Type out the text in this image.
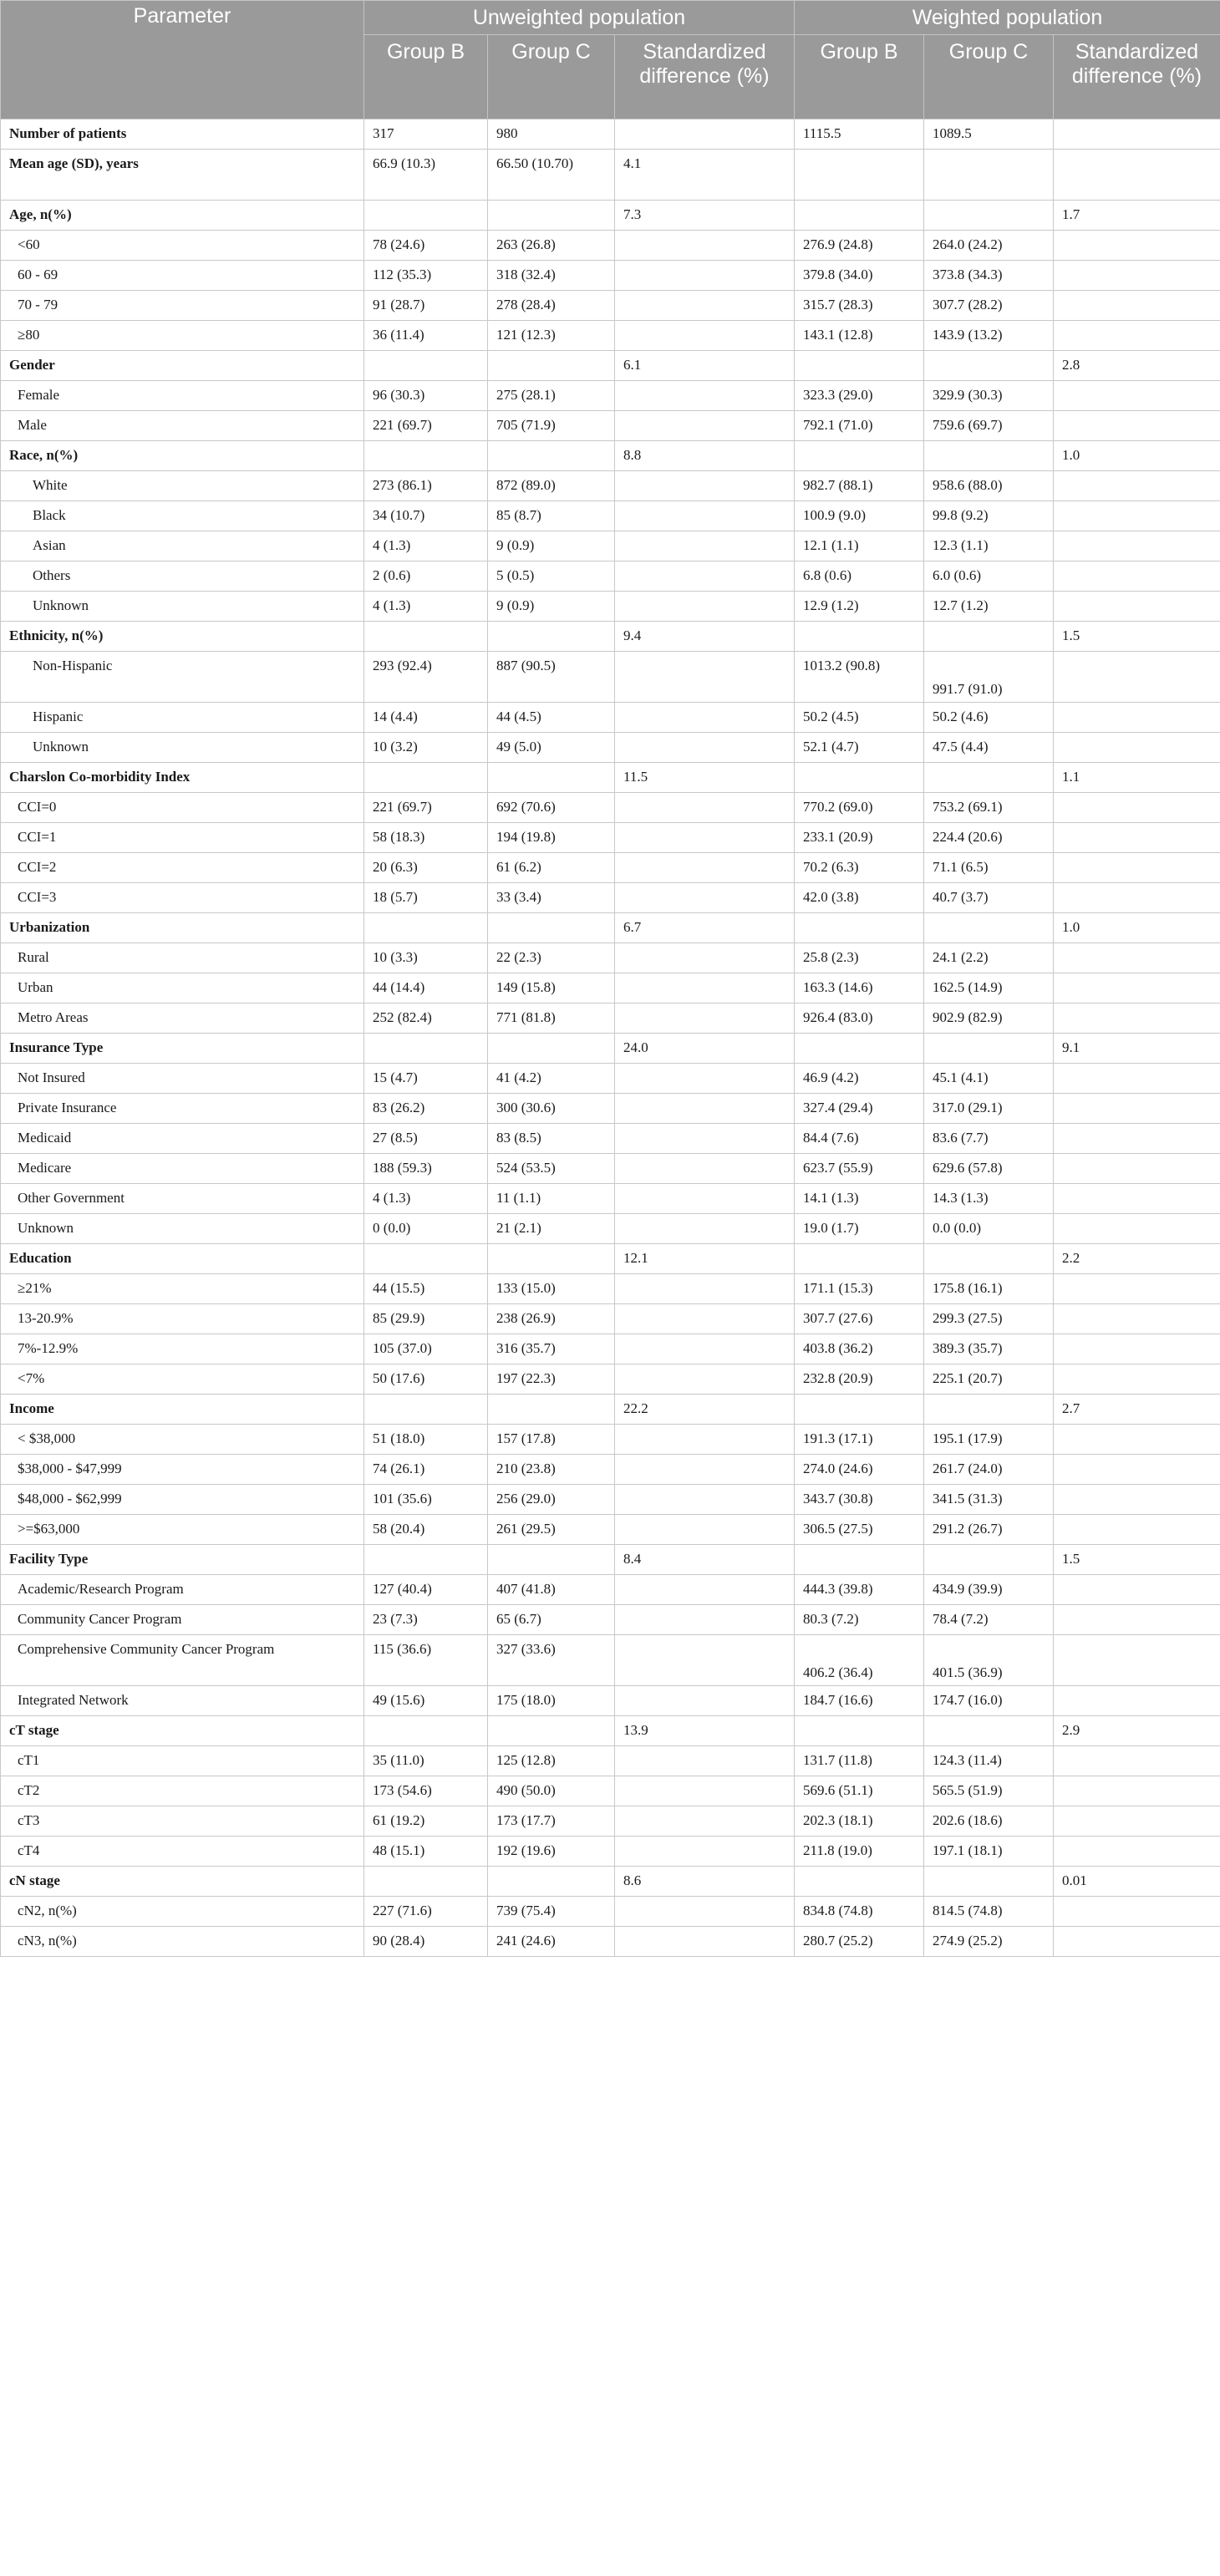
Parameter	Unweighted population			Weighted population		
	Group B	Group C	Standardized difference (%)	Group B	Group C	Standardized difference (%)
Number of patients	317	980		1115.5	1089.5	
Mean age (SD), years	66.9 (10.3)	66.50 (10.70)	4.1			
Age, n(%)			7.3			1.7
<60	78 (24.6)	263 (26.8)		276.9 (24.8)	264.0 (24.2)	
60 - 69	112 (35.3)	318 (32.4)		379.8 (34.0)	373.8 (34.3)	
70 - 79	91 (28.7)	278 (28.4)		315.7 (28.3)	307.7 (28.2)	
≥80	36 (11.4)	121 (12.3)		143.1 (12.8)	143.9 (13.2)	
Gender			6.1			2.8
Female	96 (30.3)	275 (28.1)		323.3 (29.0)	329.9 (30.3)	
Male	221 (69.7)	705 (71.9)		792.1 (71.0)	759.6 (69.7)	
Race, n(%)			8.8			1.0
White	273 (86.1)	872 (89.0)		982.7 (88.1)	958.6 (88.0)	
Black	34 (10.7)	85 (8.7)		100.9 (9.0)	99.8 (9.2)	
Asian	4 (1.3)	9 (0.9)		12.1 (1.1)	12.3 (1.1)	
Others	2 (0.6)	5 (0.5)		6.8 (0.6)	6.0 (0.6)	
Unknown	4 (1.3)	9 (0.9)		12.9 (1.2)	12.7 (1.2)	
Ethnicity, n(%)			9.4			1.5
Non-Hispanic	293 (92.4)	887 (90.5)		1013.2 (90.8)	991.7 (91.0)	
Hispanic	14 (4.4)	44 (4.5)		50.2 (4.5)	50.2 (4.6)	
Unknown	10 (3.2)	49 (5.0)		52.1 (4.7)	47.5 (4.4)	
Charslon Co-morbidity Index			11.5			1.1
CCI=0	221 (69.7)	692 (70.6)		770.2 (69.0)	753.2 (69.1)	
CCI=1	58 (18.3)	194 (19.8)		233.1 (20.9)	224.4 (20.6)	
CCI=2	20 (6.3)	61 (6.2)		70.2 (6.3)	71.1 (6.5)	
CCI=3	18 (5.7)	33 (3.4)		42.0 (3.8)	40.7 (3.7)	
Urbanization			6.7			1.0
Rural	10 (3.3)	22 (2.3)		25.8 (2.3)	24.1 (2.2)	
Urban	44 (14.4)	149 (15.8)		163.3 (14.6)	162.5 (14.9)	
Metro Areas	252 (82.4)	771 (81.8)		926.4 (83.0)	902.9 (82.9)	
Insurance Type			24.0			9.1
Not Insured	15 (4.7)	41 (4.2)		46.9 (4.2)	45.1 (4.1)	
Private Insurance	83 (26.2)	300 (30.6)		327.4 (29.4)	317.0 (29.1)	
Medicaid	27 (8.5)	83 (8.5)		84.4 (7.6)	83.6 (7.7)	
Medicare	188 (59.3)	524 (53.5)		623.7 (55.9)	629.6 (57.8)	
Other Government	4 (1.3)	11 (1.1)		14.1 (1.3)	14.3 (1.3)	
Unknown	0 (0.0)	21 (2.1)		19.0 (1.7)	0.0 (0.0)	
Education			12.1			2.2
≥21%	44 (15.5)	133 (15.0)		171.1 (15.3)	175.8 (16.1)	
13-20.9%	85 (29.9)	238 (26.9)		307.7 (27.6)	299.3 (27.5)	
7%-12.9%	105 (37.0)	316 (35.7)		403.8 (36.2)	389.3 (35.7)	
<7%	50 (17.6)	197 (22.3)		232.8 (20.9)	225.1 (20.7)	
Income			22.2			2.7
< $38,000	51 (18.0)	157 (17.8)		191.3 (17.1)	195.1 (17.9)	
$38,000 - $47,999	74 (26.1)	210 (23.8)		274.0 (24.6)	261.7 (24.0)	
$48,000 - $62,999	101 (35.6)	256 (29.0)		343.7 (30.8)	341.5 (31.3)	
>=$63,000	58 (20.4)	261 (29.5)		306.5 (27.5)	291.2 (26.7)	
Facility Type			8.4			1.5
Academic/Research Program	127 (40.4)	407 (41.8)		444.3 (39.8)	434.9 (39.9)	
Community Cancer Program	23 (7.3)	65 (6.7)		80.3 (7.2)	78.4 (7.2)	
Comprehensive Community Cancer Program	115 (36.6)	327 (33.6)		406.2 (36.4)	401.5 (36.9)	
Integrated Network	49 (15.6)	175 (18.0)		184.7 (16.6)	174.7 (16.0)	
cT stage			13.9			2.9
cT1	35 (11.0)	125 (12.8)		131.7 (11.8)	124.3 (11.4)	
cT2	173 (54.6)	490 (50.0)		569.6 (51.1)	565.5 (51.9)	
cT3	61 (19.2)	173 (17.7)		202.3 (18.1)	202.6 (18.6)	
cT4	48 (15.1)	192 (19.6)		211.8 (19.0)	197.1 (18.1)	
cN stage			8.6			0.01
cN2, n(%)	227 (71.6)	739 (75.4)		834.8 (74.8)	814.5 (74.8)	
cN3, n(%)	90 (28.4)	241 (24.6)		280.7 (25.2)	274.9 (25.2)	
